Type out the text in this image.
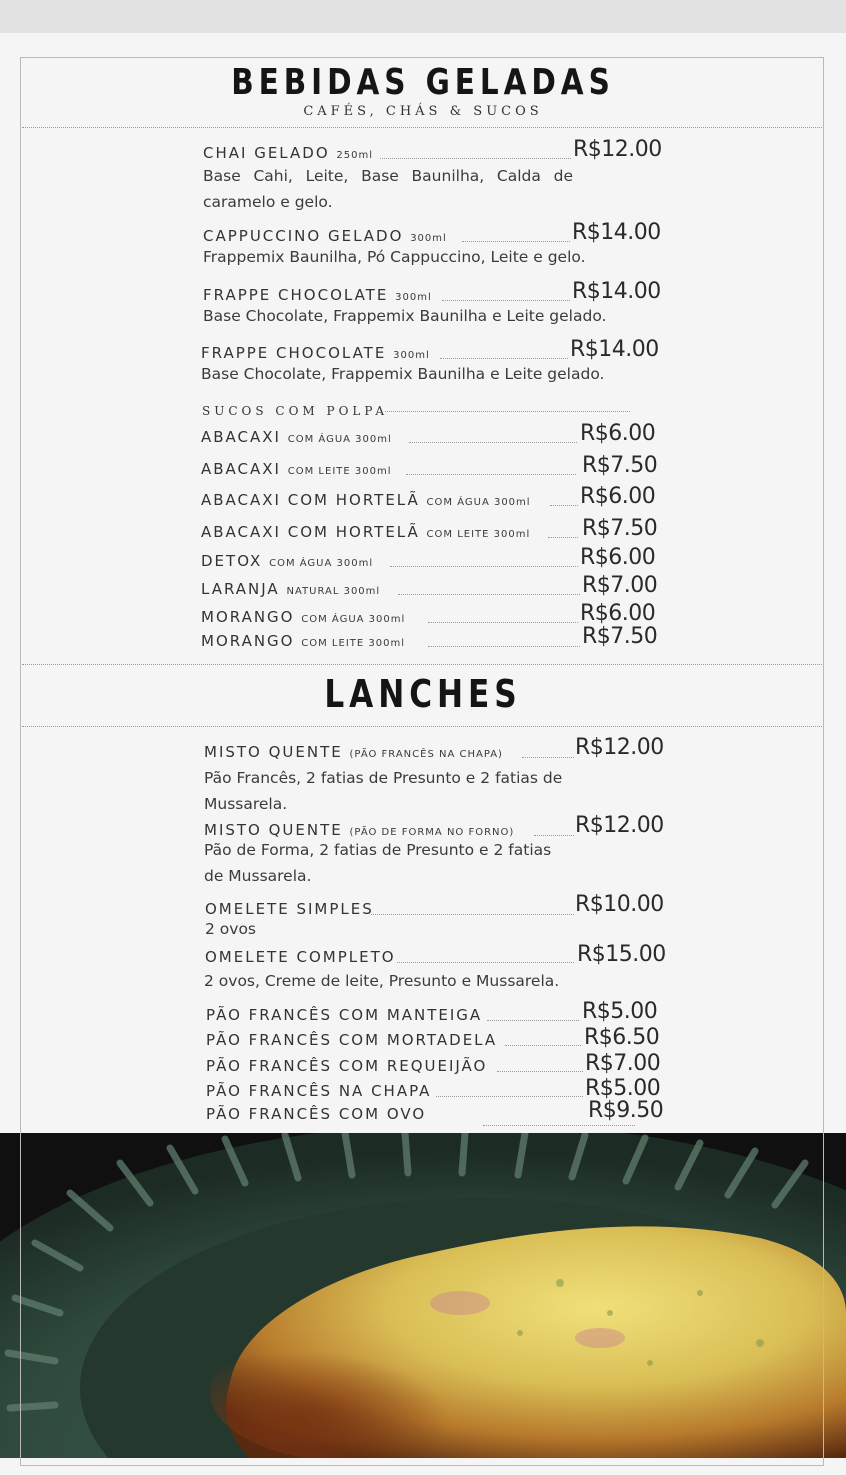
BEBIDAS GELADAS
CAFÉS, CHÁS & SUCOS
CHAI GELADO 250ml	R$12.00
Base Cahi, Leite, Base Baunilha, Calda de caramelo e gelo.
CAPPUCCINO GELADO 300ml	R$14.00
Frappemix Baunilha, Pó Cappuccino, Leite e gelo.
FRAPPE CHOCOLATE 300ml	R$14.00
Base Chocolate, Frappemix Baunilha e Leite gelado.
FRAPPE CHOCOLATE 300ml	R$14.00
Base Chocolate, Frappemix Baunilha e Leite gelado.
SUCOS COM POLPA
ABACAXI COM ÁGUA 300ml	R$6.00
ABACAXI COM LEITE 300ml	R$7.50
ABACAXI COM HORTELÃ COM ÁGUA 300ml R$6.00
ABACAXI COM HORTELÃ COM LEITE 300ml R$7.50
DETOX COM ÁGUA 300ml	R$6.00
LARANJA NATURAL 300ml	R$7.00
MORANGO COM ÁGUA 300ml	R$6.00
MORANGO COM LEITE 300ml	R$7.50
LANCHES
MISTO QUENTE (PÃO FRANCÊS NA CHAPA)	R$12.00
Pão Francês, 2 fatias de Presunto e 2 fatias de Mussarela.
MISTO QUENTE (PÃO DE FORMA NO FORNO)	R$12.00
Pão de Forma, 2 fatias de Presunto e 2 fatias de Mussarela.
OMELETE SIMPLES	R$10.00
2 ovos
OMELETE COMPLETO	R$15.00
2 ovos, Creme de leite, Presunto e Mussarela.
PÃO FRANCÊS COM MANTEIGA	R$5.00
PÃO FRANCÊS COM MORTADELA	R$6.50
PÃO FRANCÊS COM REQUEIJÃO	R$7.00
PÃO FRANCÊS NA CHAPA	R$5.00
PÃO FRANCÊS COM OVO	R$9.50
